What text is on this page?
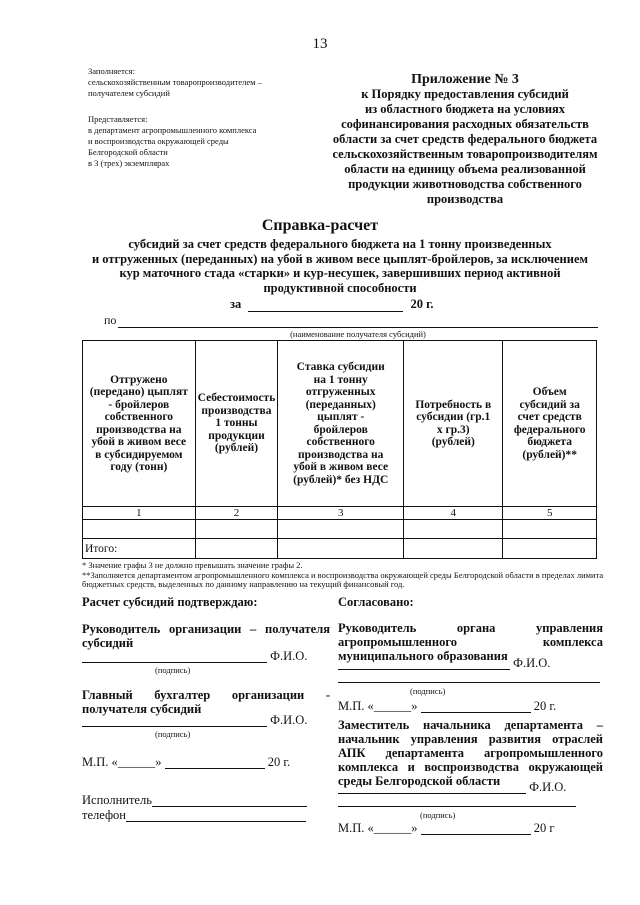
13
Заполняется:
сельскохозяйственным товаропроизводителем –
получателем субсидий
Представляется:
в департамент агропромышленного комплекса
и воспроизводства окружающей среды
Белгородской области
в 3 (трех) экземплярах
Приложение № 3
к Порядку предоставления субсидий
из областного бюджета на условиях
софинансирования расходных обязательств
области за счет средств федерального бюджета
сельскохозяйственным товаропроизводителям
области на единицу объема реализованной
продукции животноводства собственного
производства
Справка-расчет
субсидий за счет средств федерального бюджета на 1 тонну произведенных
и отгруженных (переданных) на убой в живом весе цыплят-бройлеров, за исключением
кур маточного стада «старки» и кур-несушек, завершивших период активной
продуктивной способности
за	20 г.
по
(наименование получателя субсидий)
Отгружено (передано) цыплят - бройлеров собственного производства на убой в живом весе в субсидируемом году (тонн)	Себестоимость производства 1 тонны продукции (рублей)	Ставка субсидии на 1 тонну отгруженных (переданных) цыплят - бройлеров собственного производства на убой в живом весе (рублей)* без НДС	Потребность в субсидии (гр.1 х гр.3) (рублей)	Объем субсидий за счет средств федерального бюджета (рублей)**

1	2	3	4	5

Итого:				
* Значение графы 3 не должно превышать значение графы 2.
**Заполняется департаментом агропромышленного комплекса и воспроизводства окружающей среды Белгородской области в пределах лимита бюджетных средств, выделенных по данному направлению на текущий финансовый год.
Расчет субсидий подтверждаю:
Руководитель организации – получателя субсидий
Ф.И.О.
(подпись)
Главный бухгалтер организации - получателя субсидий
Ф.И.О.
(подпись)
М.П. «______»	20 г.
Исполнитель
телефон
Согласовано:
Руководитель органа управления агропромышленного комплекса муниципального образования Ф.И.О.
(подпись)
М.П. «______»	20 г.
Заместитель начальника департамента – начальник управления развития отраслей АПК департамента агропромышленного комплекса и воспроизводства окружающей среды Белгородской области	Ф.И.О.
(подпись)
М.П. «______»	20 г
